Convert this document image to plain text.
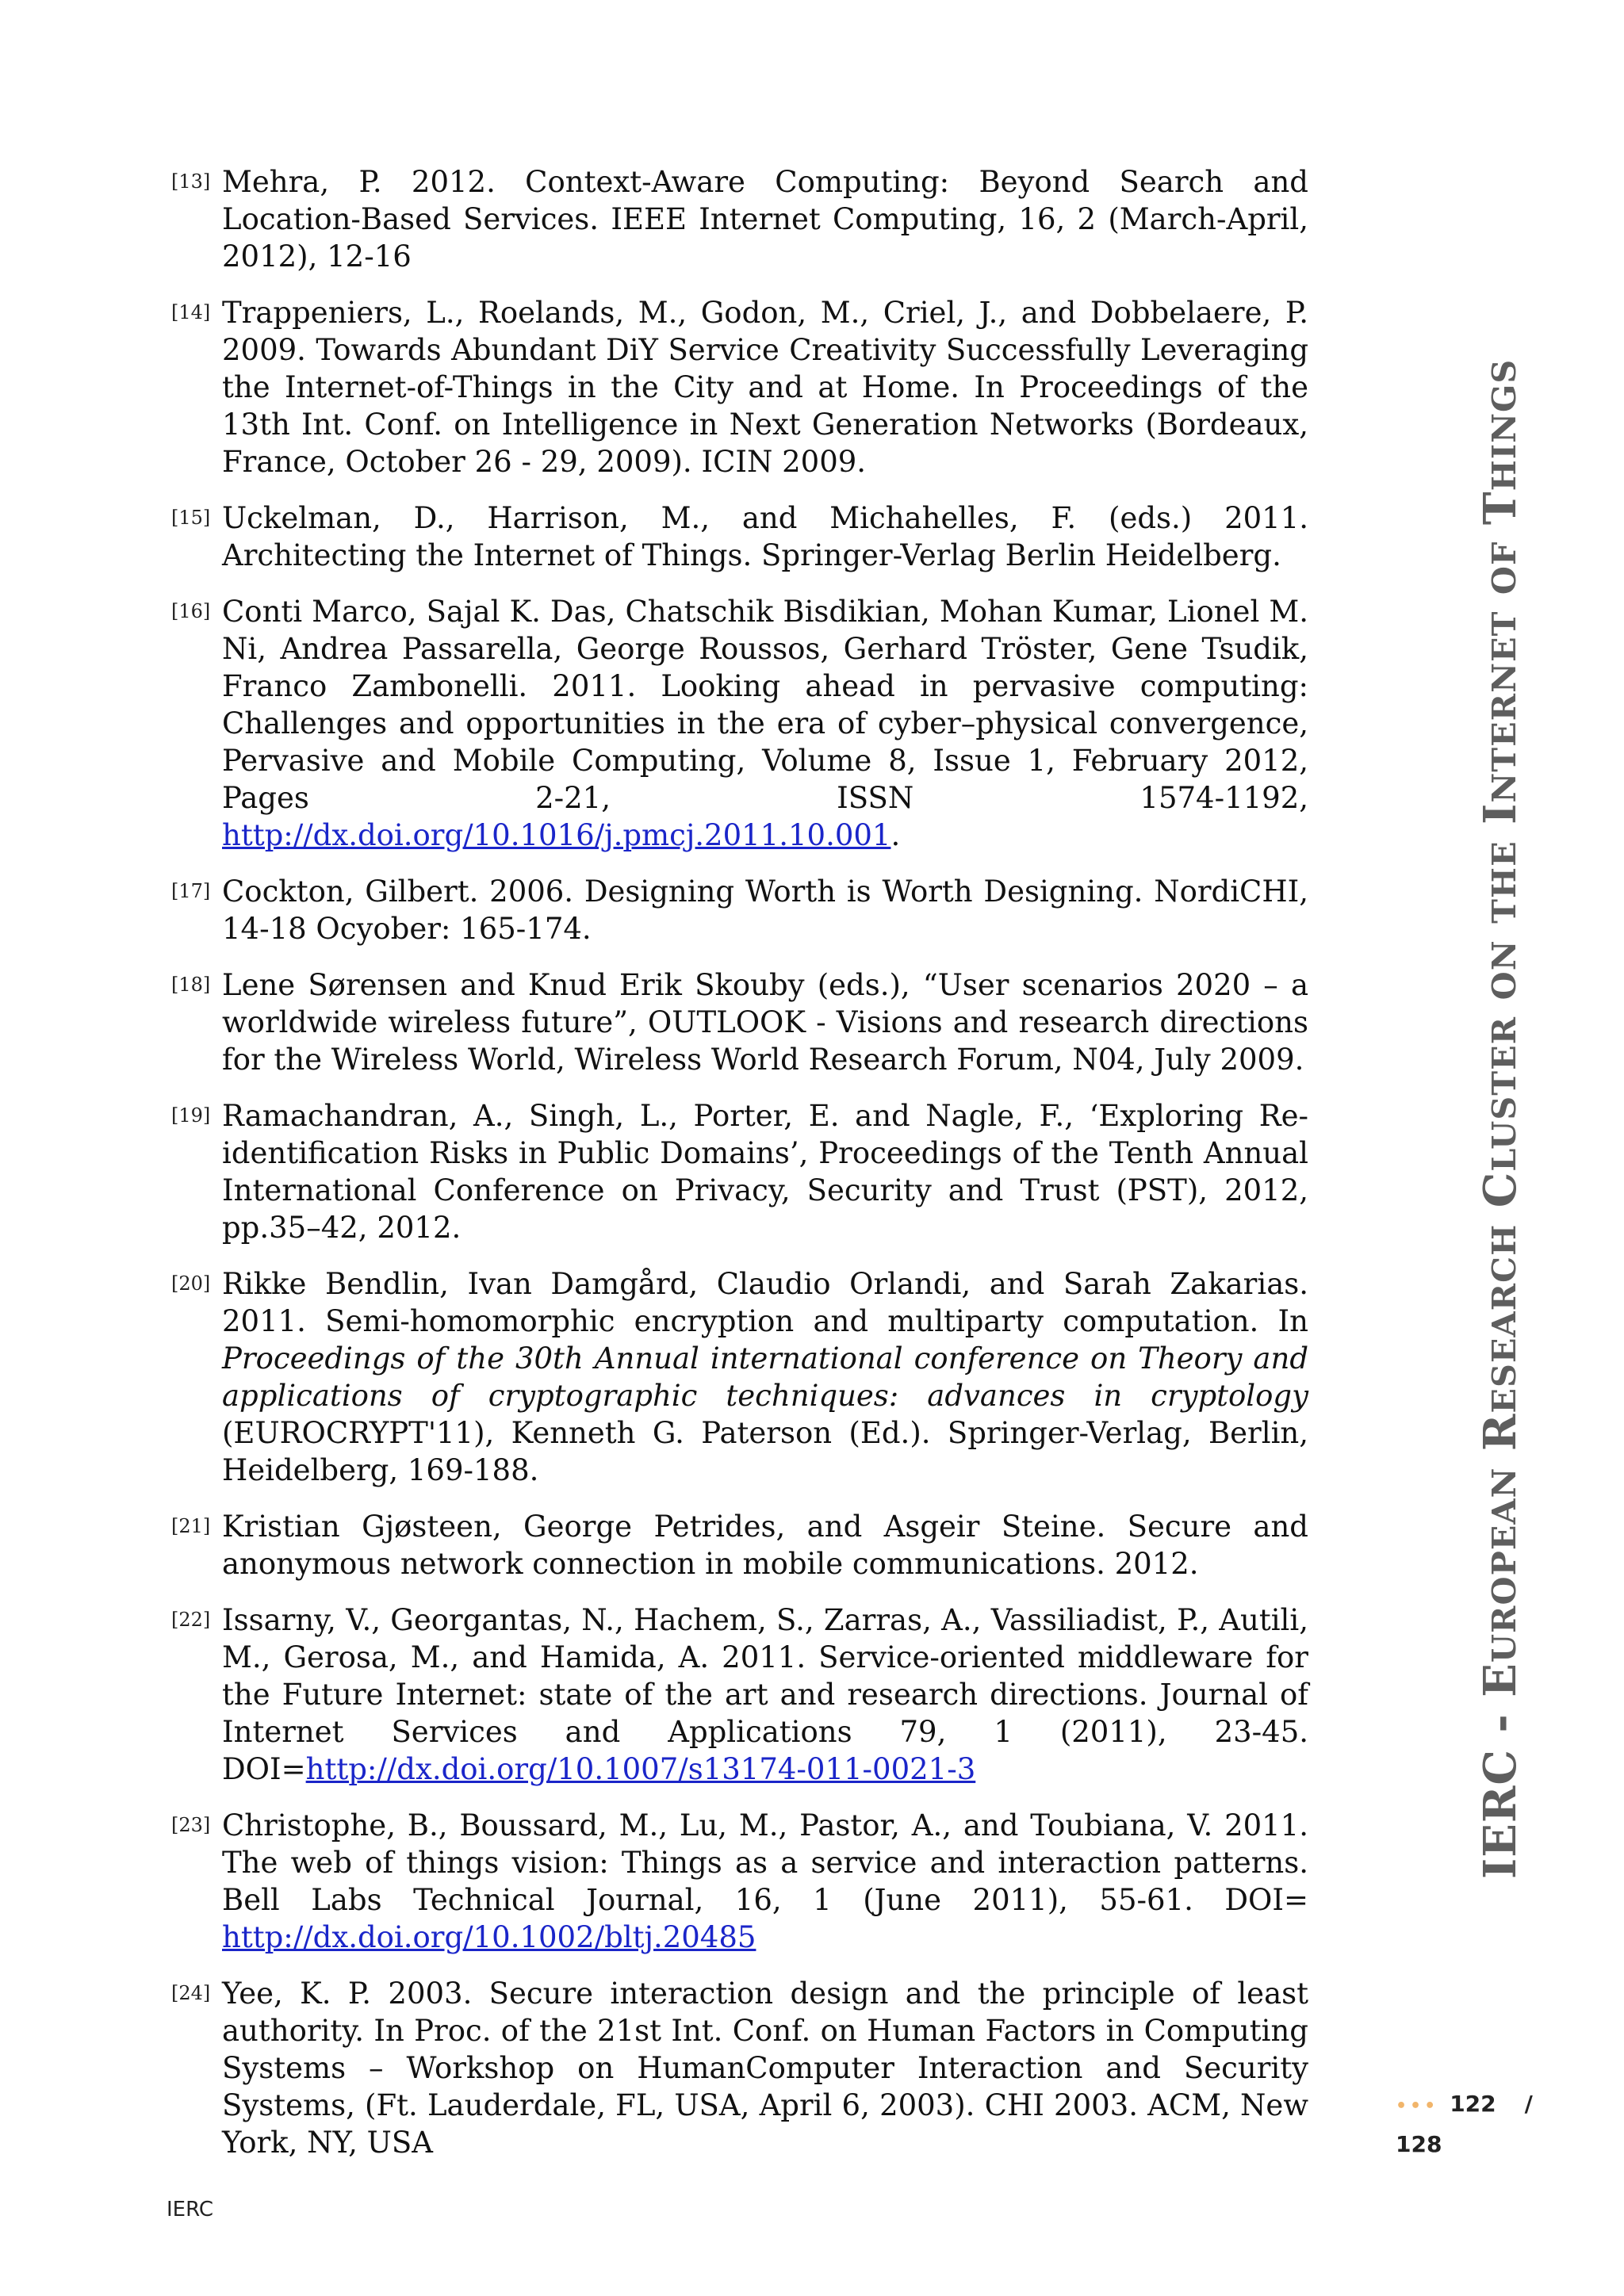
[13] Mehra, P. 2012. Context-Aware Computing: Beyond Search and Location-Based Services. IEEE Internet Computing, 16, 2 (March-April, 2012), 12-16

[14] Trappeniers, L., Roelands, M., Godon, M., Criel, J., and Dobbelaere, P. 2009. Towards Abundant DiY Service Creativity Successfully Leveraging the Internet-of-Things in the City and at Home. In Proceedings of the 13th Int. Conf. on Intelligence in Next Generation Networks (Bordeaux, France, October 26 - 29, 2009). ICIN 2009.

[15] Uckelman, D., Harrison, M., and Michahelles, F. (eds.) 2011. Architecting the Internet of Things. Springer-Verlag Berlin Heidelberg.

[16] Conti Marco, Sajal K. Das, Chatschik Bisdikian, Mohan Kumar, Lionel M. Ni, Andrea Passarella, George Roussos, Gerhard Tröster, Gene Tsudik, Franco Zambonelli. 2011. Looking ahead in pervasive computing: Challenges and opportunities in the era of cyber–physical convergence, Pervasive and Mobile Computing, Volume 8, Issue 1, February 2012, Pages 2-21, ISSN 1574-1192, http://dx.doi.org/10.1016/j.pmcj.2011.10.001.

[17] Cockton, Gilbert. 2006. Designing Worth is Worth Designing. NordiCHI, 14-18 Ocyober: 165-174.

[18] Lene Sørensen and Knud Erik Skouby (eds.), “User scenarios 2020 – a worldwide wireless future”, OUTLOOK - Visions and research directions for the Wireless World, Wireless World Research Forum, N04, July 2009.

[19] Ramachandran, A., Singh, L., Porter, E. and Nagle, F., ‘Exploring Re-identification Risks in Public Domains’, Proceedings of the Tenth Annual International Conference on Privacy, Security and Trust (PST), 2012, pp.35–42, 2012.

[20] Rikke Bendlin, Ivan Damgård, Claudio Orlandi, and Sarah Zakarias. 2011. Semi-homomorphic encryption and multiparty computation. In Proceedings of the 30th Annual international conference on Theory and applications of cryptographic techniques: advances in cryptology (EUROCRYPT'11), Kenneth G. Paterson (Ed.). Springer-Verlag, Berlin, Heidelberg, 169-188.

[21] Kristian Gjøsteen, George Petrides, and Asgeir Steine. Secure and anonymous network connection in mobile communications. 2012.

[22] Issarny, V., Georgantas, N., Hachem, S., Zarras, A., Vassiliadist, P., Autili, M., Gerosa, M., and Hamida, A. 2011. Service-oriented middleware for the Future Internet: state of the art and research directions. Journal of Internet Services and Applications 79, 1 (2011), 23-45. DOI=http://dx.doi.org/10.1007/s13174-011-0021-3

[23] Christophe, B., Boussard, M., Lu, M., Pastor, A., and Toubiana, V. 2011. The web of things vision: Things as a service and interaction patterns. Bell Labs Technical Journal, 16, 1 (June 2011), 55-61. DOI= http://dx.doi.org/10.1002/bltj.20485

[24] Yee, K. P. 2003. Secure interaction design and the principle of least authority. In Proc. of the 21st Int. Conf. on Human Factors in Computing Systems – Workshop on HumanComputer Interaction and Security Systems, (Ft. Lauderdale, FL, USA, April 6, 2003). CHI 2003. ACM, New York, NY, USA

IERC - EUROPEAN RESEARCH CLUSTER ON THE INTERNET OF THINGS
••• 122 /
128
IERC
